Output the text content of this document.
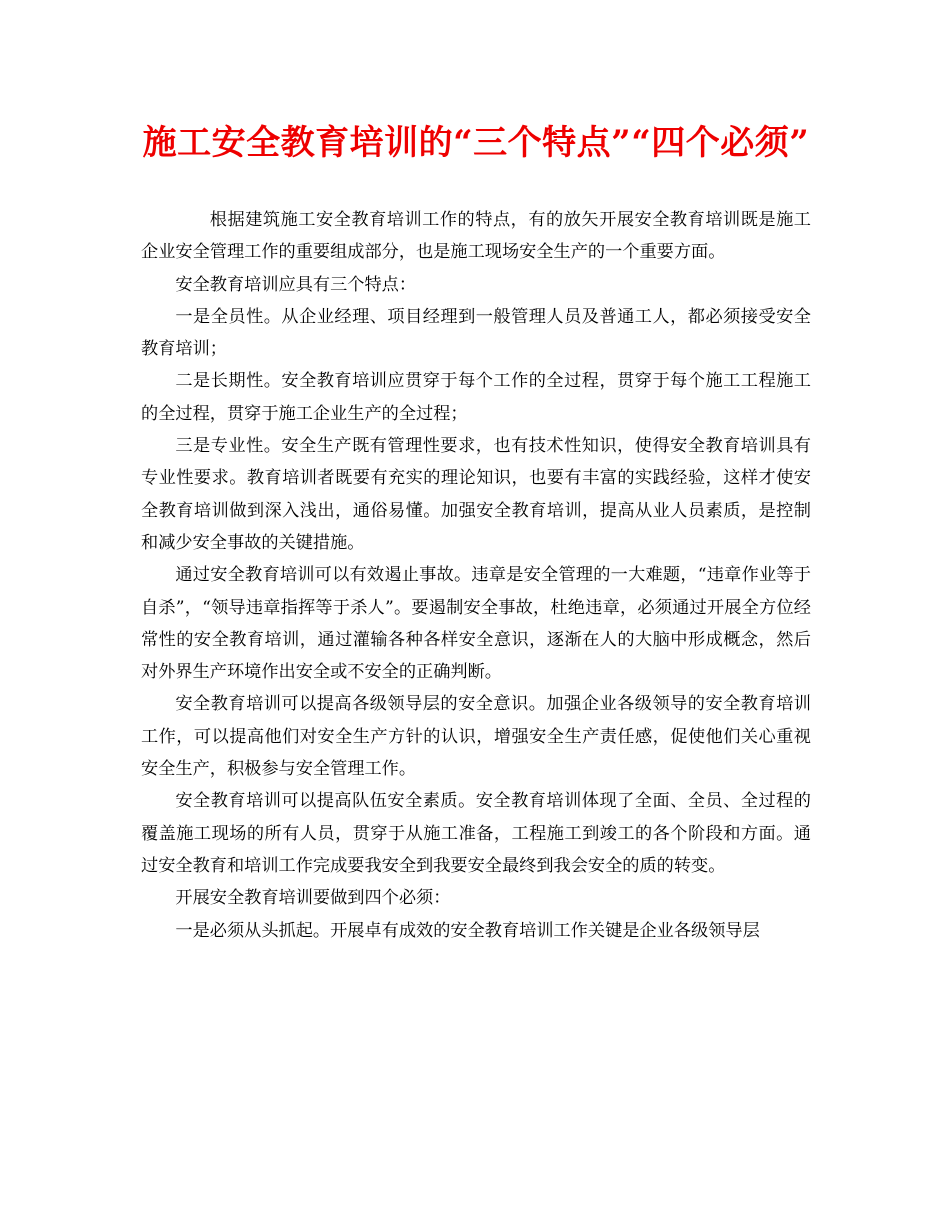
施工安全教育培训的“三个特点”“四个必须”

根据建筑施工安全教育培训工作的特点，有的放矢开展安全教育培训既是施工企业安全管理工作的重要组成部分，也是施工现场安全生产的一个重要方面。

安全教育培训应具有三个特点：

一是全员性。从企业经理、项目经理到一般管理人员及普通工人，都必须接受安全教育培训；

二是长期性。安全教育培训应贯穿于每个工作的全过程，贯穿于每个施工工程施工的全过程，贯穿于施工企业生产的全过程；

三是专业性。安全生产既有管理性要求，也有技术性知识，使得安全教育培训具有专业性要求。教育培训者既要有充实的理论知识，也要有丰富的实践经验，这样才使安全教育培训做到深入浅出，通俗易懂。加强安全教育培训，提高从业人员素质，是控制和减少安全事故的关键措施。

通过安全教育培训可以有效遏止事故。违章是安全管理的一大难题，“违章作业等于自杀”，“领导违章指挥等于杀人”。要遏制安全事故，杜绝违章，必须通过开展全方位经常性的安全教育培训，通过灌输各种各样安全意识，逐渐在人的大脑中形成概念，然后对外界生产环境作出安全或不安全的正确判断。

安全教育培训可以提高各级领导层的安全意识。加强企业各级领导的安全教育培训工作，可以提高他们对安全生产方针的认识，增强安全生产责任感，促使他们关心重视安全生产，积极参与安全管理工作。

安全教育培训可以提高队伍安全素质。安全教育培训体现了全面、全员、全过程的覆盖施工现场的所有人员，贯穿于从施工准备，工程施工到竣工的各个阶段和方面。通过安全教育和培训工作完成要我安全到我要安全最终到我会安全的质的转变。

开展安全教育培训要做到四个必须：

一是必须从头抓起。开展卓有成效的安全教育培训工作关键是企业各级领导层
